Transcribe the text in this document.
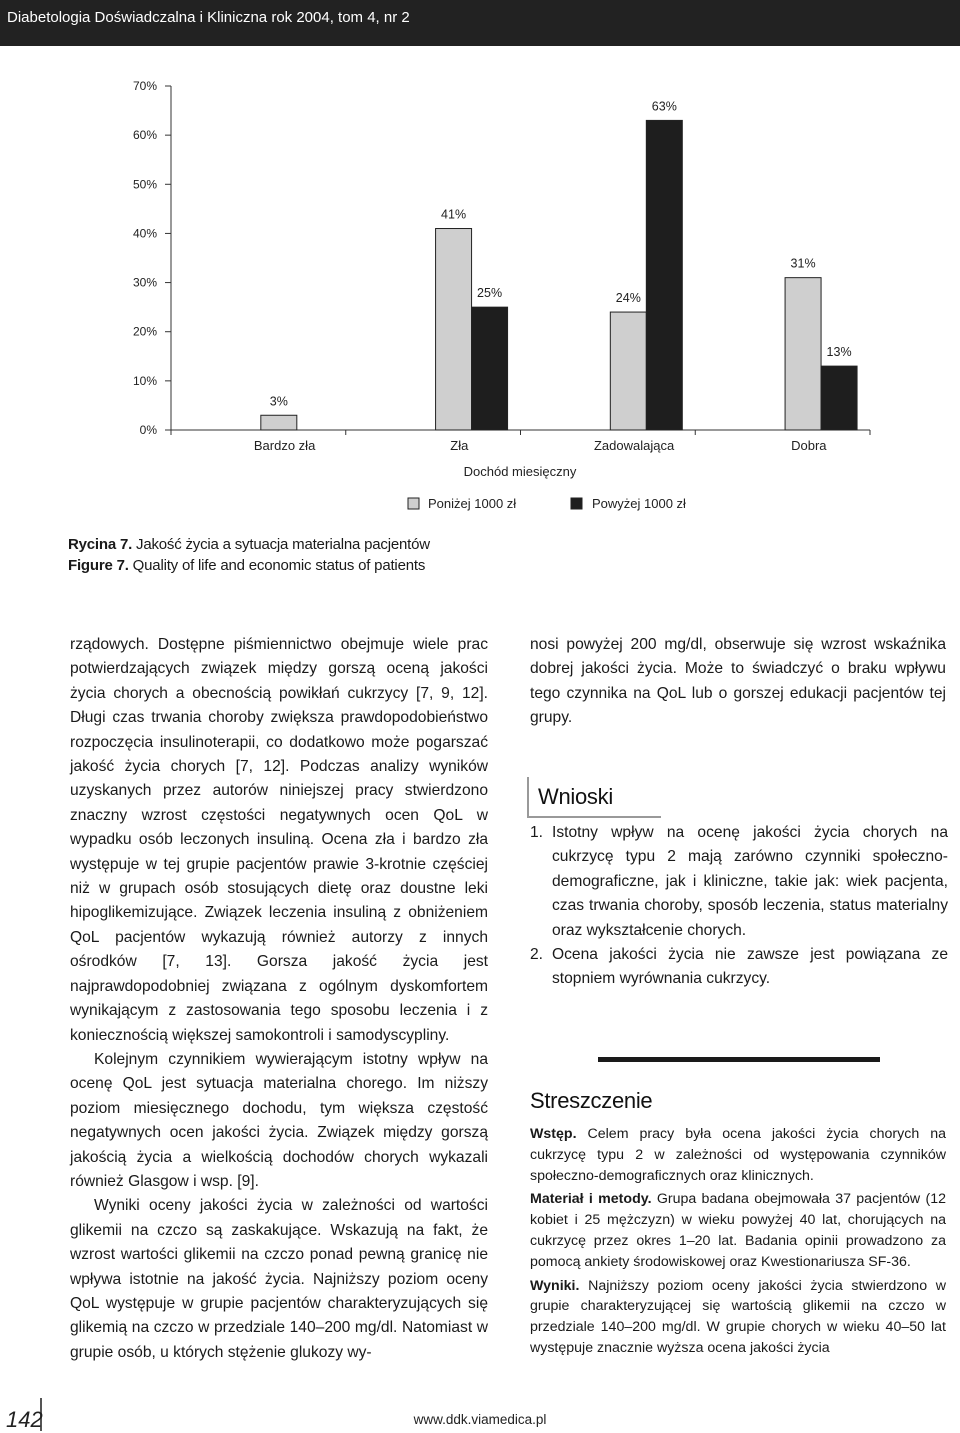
Diabetologia Doświadczalna i Kliniczna rok 2004, tom 4, nr 2
0%
10%
20%
30%
40%
50%
60%
70%
Bardzo zła
3%
Zła
41%
25%
Zadowalająca
24%
63%
Dobra
31%
13%
Dochód miesięczny
Poniżej 1000 zł	Powyżej 1000 zł
Rycina 7. Jakość życia a sytuacja materialna pacjentów
Figure 7. Quality of life and economic status of patients

rządowych. Dostępne piśmiennictwo obejmuje wiele prac potwierdzających związek między gorszą oceną jakości życia chorych a obecnością powikłań cukrzycy [7, 9, 12]. Długi czas trwania choroby zwiększa prawdopodobieństwo rozpoczęcia insulinoterapii, co dodatkowo może pogarszać jakość życia chorych [7, 12]. Podczas analizy wyników uzyskanych przez autorów niniejszej pracy stwierdzono znaczny wzrost częstości negatywnych ocen QoL w wypadku osób leczonych insuliną. Ocena zła i bardzo zła występuje w tej grupie pacjentów prawie 3-krotnie częściej niż w grupach osób stosujących dietę oraz doustne leki hipoglikemizujące. Związek leczenia insuliną z obniżeniem QoL pacjentów wykazują również autorzy z innych ośrodków [7, 13]. Gorsza jakość życia jest najprawdopodobniej związana z ogólnym dyskomfortem wynikającym z zastosowania tego sposobu leczenia i z koniecznością większej samokontroli i samodyscypliny.

Kolejnym czynnikiem wywierającym istotny wpływ na ocenę QoL jest sytuacja materialna chorego. Im niższy poziom miesięcznego dochodu, tym większa częstość negatywnych ocen jakości życia. Związek między gorszą jakością życia a wielkością dochodów chorych wykazali również Glasgow i wsp. [9].

Wyniki oceny jakości życia w zależności od wartości glikemii na czczo są zaskakujące. Wskazują na fakt, że wzrost wartości glikemii na czczo ponad pewną granicę nie wpływa istotnie na jakość życia. Najniższy poziom oceny QoL występuje w grupie pacjentów charakteryzujących się glikemią na czczo w przedziale 140–200 mg/dl. Natomiast w grupie osób, u których stężenie glukozy wy-

nosi powyżej 200 mg/dl, obserwuje się wzrost wskaźnika dobrej jakości życia. Może to świadczyć o braku wpływu tego czynnika na QoL lub o gorszej edukacji pacjentów tej grupy.

Wnioski
1. Istotny wpływ na ocenę jakości życia chorych na cukrzycę typu 2 mają zarówno czynniki społeczno-demograficzne, jak i kliniczne, takie jak: wiek pacjenta, czas trwania choroby, sposób leczenia, status materialny oraz wykształcenie chorych.
2. Ocena jakości życia nie zawsze jest powiązana ze stopniem wyrównania cukrzycy.
Streszczenie

Wstęp. Celem pracy była ocena jakości życia chorych na cukrzycę typu 2 w zależności od występowania czynników społeczno-demograficznych oraz klinicznych.

Materiał i metody. Grupa badana obejmowała 37 pacjentów (12 kobiet i 25 mężczyzn) w wieku powyżej 40 lat, chorujących na cukrzycę przez okres 1–20 lat. Badania opinii prowadzono za pomocą ankiety środowiskowej oraz Kwestionariusza SF-36.

Wyniki. Najniższy poziom oceny jakości życia stwierdzono w grupie charakteryzującej się wartością glikemii na czczo w przedziale 140–200 mg/dl. W grupie chorych w wieku 40–50 lat występuje znacznie wyższa ocena jakości życia

142	www.ddk.viamedica.pl
